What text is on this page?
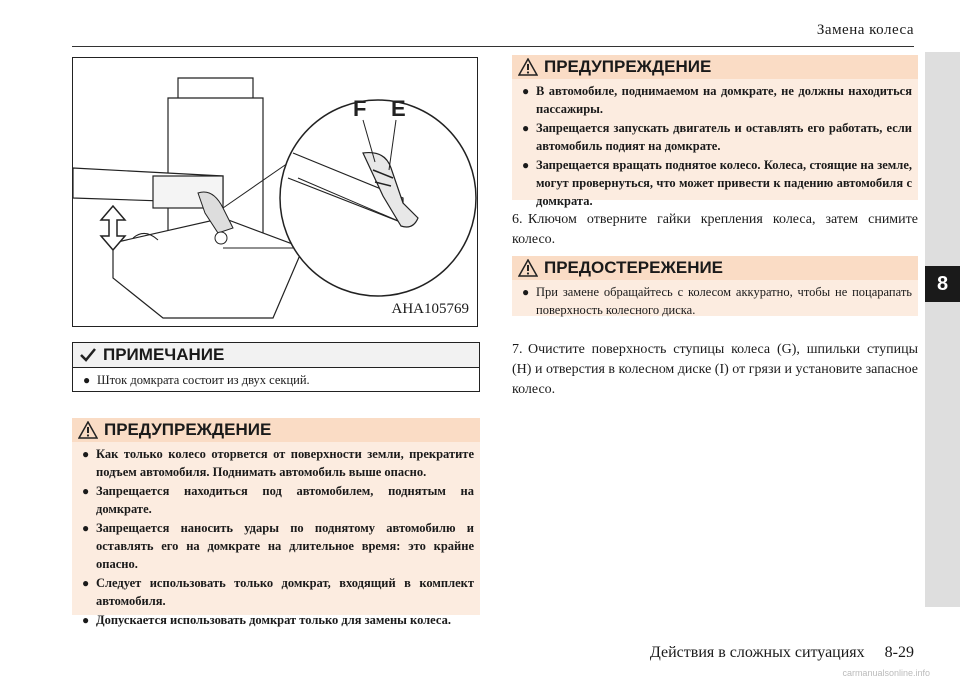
Замена колеса
8
F E
AHA105769
ПРИМЕЧАНИЕ
● Шток домкрата состоит из двух секций.
ПРЕДУПРЕЖДЕНИЕ
● Как только колесо оторвется от поверхности земли, прекратите подъем автомобиля. Поднимать автомобиль выше опасно.
● Запрещается находиться под автомобилем, поднятым на домкрате.
● Запрещается наносить удары по поднятому автомобилю и оставлять его на домкрате на длительное время: это крайне опасно.
● Следует использовать только домкрат, входящий в комплект автомобиля.
● Допускается использовать домкрат только для замены колеса.
ПРЕДУПРЕЖДЕНИЕ
● В автомобиле, поднимаемом на домкрате, не должны находиться пассажиры.
● Запрещается запускать двигатель и оставлять его работать, если автомобиль подият на домкрате.
● Запрещается вращать поднятое колесо. Колеса, стоящие на земле, могут провернуться, что может привести к падению автомобиля с домкрата.
6. Ключом отверните гайки крепления колеса, затем снимите колесо.
ПРЕДОСТЕРЕЖЕНИЕ
● При замене обращайтесь с колесом аккуратно, чтобы не поцарапать поверхность колесного диска.
7. Очистите поверхность ступицы колеса (G), шпильки ступицы (H) и отверстия в колесном диске (I) от грязи и установите запасное колесо.
Действия в сложных ситуациях 8-29
carmanualsonline.info
